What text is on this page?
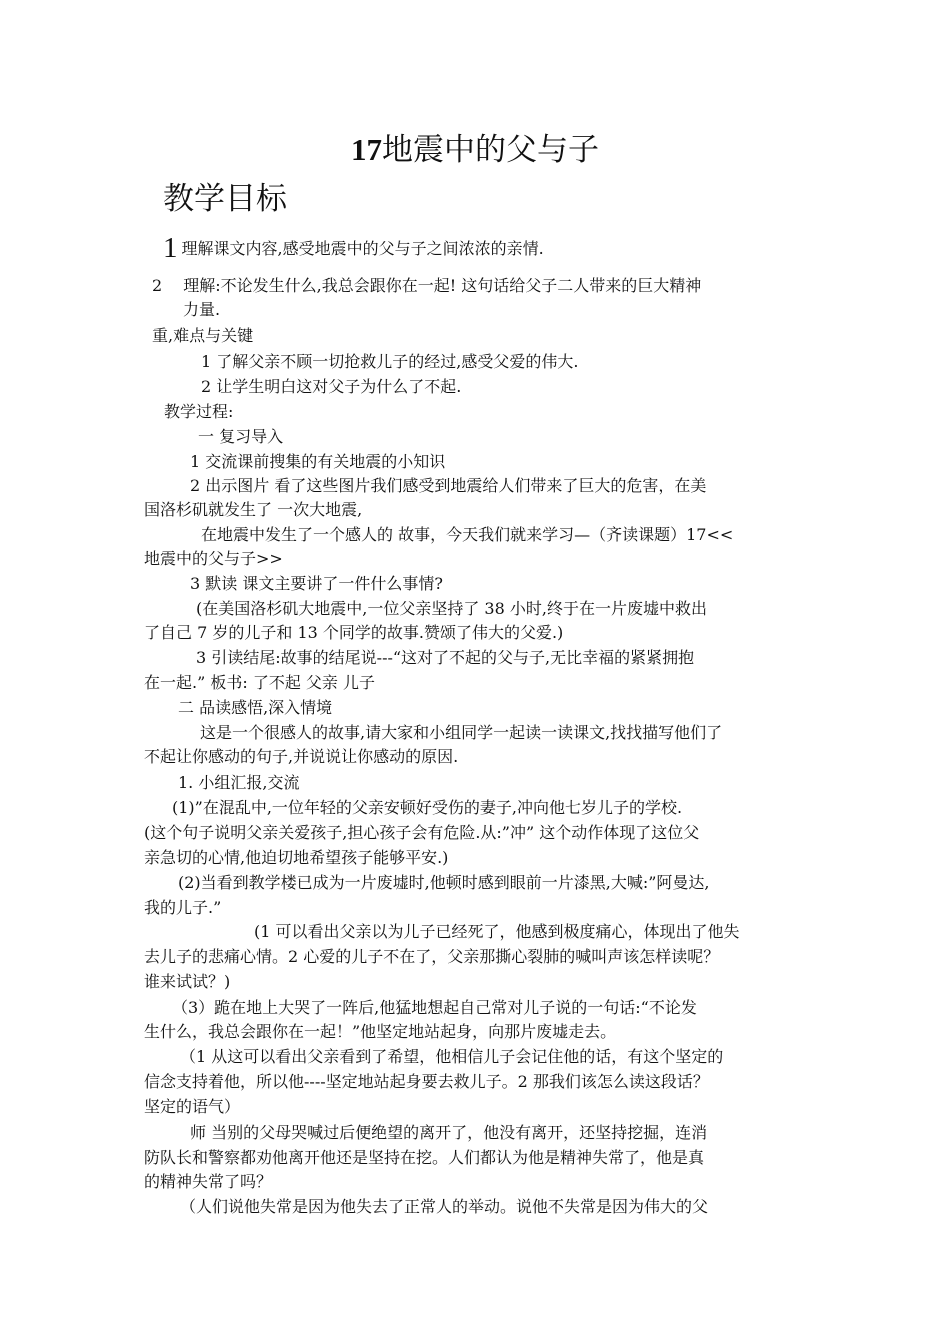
17地震中的父与子
教学目标
1 理解课文内容,感受地震中的父与子之间浓浓的亲情.
2 　理解:不论发生什么,我总会跟你在一起! 这句话给父子二人带来的巨大精神
力量.
重,难点与关键
1 了解父亲不顾一切抢救儿子的经过,感受父爱的伟大.
2 让学生明白这对父子为什么了不起.
教学过程:
一 复习导入
1 交流课前搜集的有关地震的小知识
2 出示图片 看了这些图片我们感受到地震给人们带来了巨大的危害，在美
国洛杉矶就发生了 一次大地震,
在地震中发生了一个感人的 故事，今天我们就来学习—（齐读课题）17<<
地震中的父与子>>
3 默读 课文主要讲了一件什么事情?
(在美国洛杉矶大地震中,一位父亲坚持了 38 小时,终于在一片废墟中救出
了自己 7 岁的儿子和 13 个同学的故事.赞颂了伟大的父爱.)
3 引读结尾:故事的结尾说---“这对了不起的父与子,无比幸福的紧紧拥抱
在一起.” 板书: 了不起 父亲 儿子
二 品读感悟,深入情境
这是一个很感人的故事,请大家和小组同学一起读一读课文,找找描写他们了
不起让你感动的句子,并说说让你感动的原因.
1. 小组汇报,交流
(1)”在混乱中,一位年轻的父亲安顿好受伤的妻子,冲向他七岁儿子的学校.
(这个句子说明父亲关爱孩子,担心孩子会有危险.从:”冲” 这个动作体现了这位父
亲急切的心情,他迫切地希望孩子能够平安.)
(2)当看到教学楼已成为一片废墟时,他顿时感到眼前一片漆黑,大喊:”阿曼达,
我的儿子.”
(1 可以看出父亲以为儿子已经死了，他感到极度痛心，体现出了他失
去儿子的悲痛心情。2 心爱的儿子不在了，父亲那撕心裂肺的喊叫声该怎样读呢？
谁来试试？)
（3）跪在地上大哭了一阵后,他猛地想起自己常对儿子说的一句话:“不论发
生什么，我总会跟你在一起！”他坚定地站起身，向那片废墟走去。
（1 从这可以看出父亲看到了希望，他相信儿子会记住他的话，有这个坚定的
信念支持着他，所以他----坚定地站起身要去救儿子。2 那我们该怎么读这段话？
坚定的语气）
师 当别的父母哭喊过后便绝望的离开了，他没有离开，还坚持挖掘，连消
防队长和警察都劝他离开他还是坚持在挖。人们都认为他是精神失常了，他是真
的精神失常了吗？
（人们说他失常是因为他失去了正常人的举动。说他不失常是因为伟大的父
